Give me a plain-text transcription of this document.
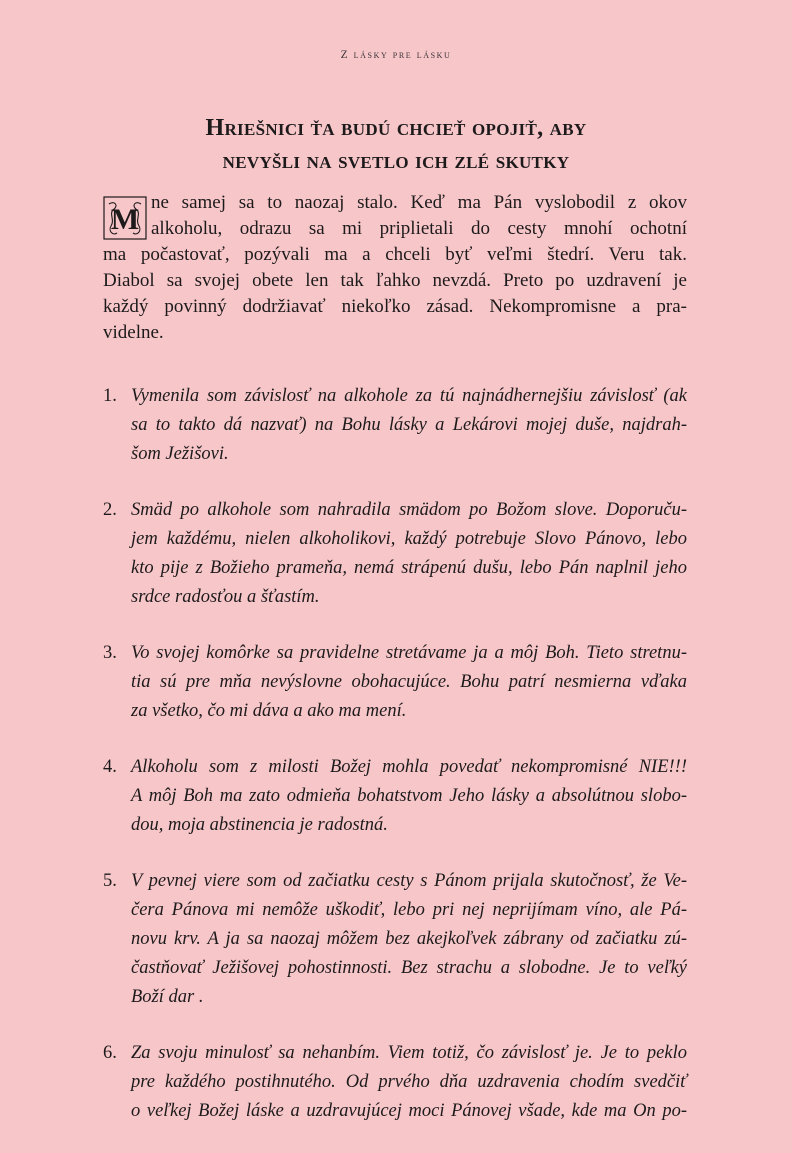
Z lásky pre lásku
Hriešnici ťa budú chcieť opojiť, aby
nevyšli na svetlo ich zlé skutky
M
ne samej sa to naozaj stalo. Keď ma Pán vyslobodil z okov
alkoholu, odrazu sa mi priplietali do cesty mnohí ochotní
ma počastovať, pozývali ma a chceli byť veľmi štedrí. Veru tak.
Diabol sa svojej obete len tak ľahko nevzdá. Preto po uzdravení je
každý povinný dodržiavať niekoľko zásad. Nekompromisne a pra-
videlne.
1. Vymenila som závislosť na alkohole za tú najnádhernejšiu závislosť (ak
sa to takto dá nazvať) na Bohu lásky a Lekárovi mojej duše, najdrah-
šom Ježišovi.
2. Smäd po alkohole som nahradila smädom po Božom slove. Doporuču-
jem každému, nielen alkoholikovi, každý potrebuje Slovo Pánovo, lebo
kto pije z Božieho prameňa, nemá strápenú dušu, lebo Pán naplnil jeho
srdce radosťou a šťastím.
3. Vo svojej komôrke sa pravidelne stretávame ja a môj Boh. Tieto stretnu-
tia sú pre mňa nevýslovne obohacujúce. Bohu patrí nesmierna vďaka
za všetko, čo mi dáva a ako ma mení.
4. Alkoholu som z milosti Božej mohla povedať nekompromisné NIE!!!
A môj Boh ma zato odmieňa bohatstvom Jeho lásky a absolútnou slobo-
dou, moja abstinencia je radostná.
5. V pevnej viere som od začiatku cesty s Pánom prijala skutočnosť, že Ve-
čera Pánova mi nemôže uškodiť, lebo pri nej neprijímam víno, ale Pá-
novu krv. A ja sa naozaj môžem bez akejkoľvek zábrany od začiatku zú-
častňovať Ježišovej pohostinnosti. Bez strachu a slobodne. Je to veľký
Boží dar .
6. Za svoju minulosť sa nehanbím. Viem totiž, čo závislosť je. Je to peklo
pre každého postihnutého. Od prvého dňa uzdravenia chodím svedčiť
o veľkej Božej láske a uzdravujúcej moci Pánovej všade, kde ma On po-
